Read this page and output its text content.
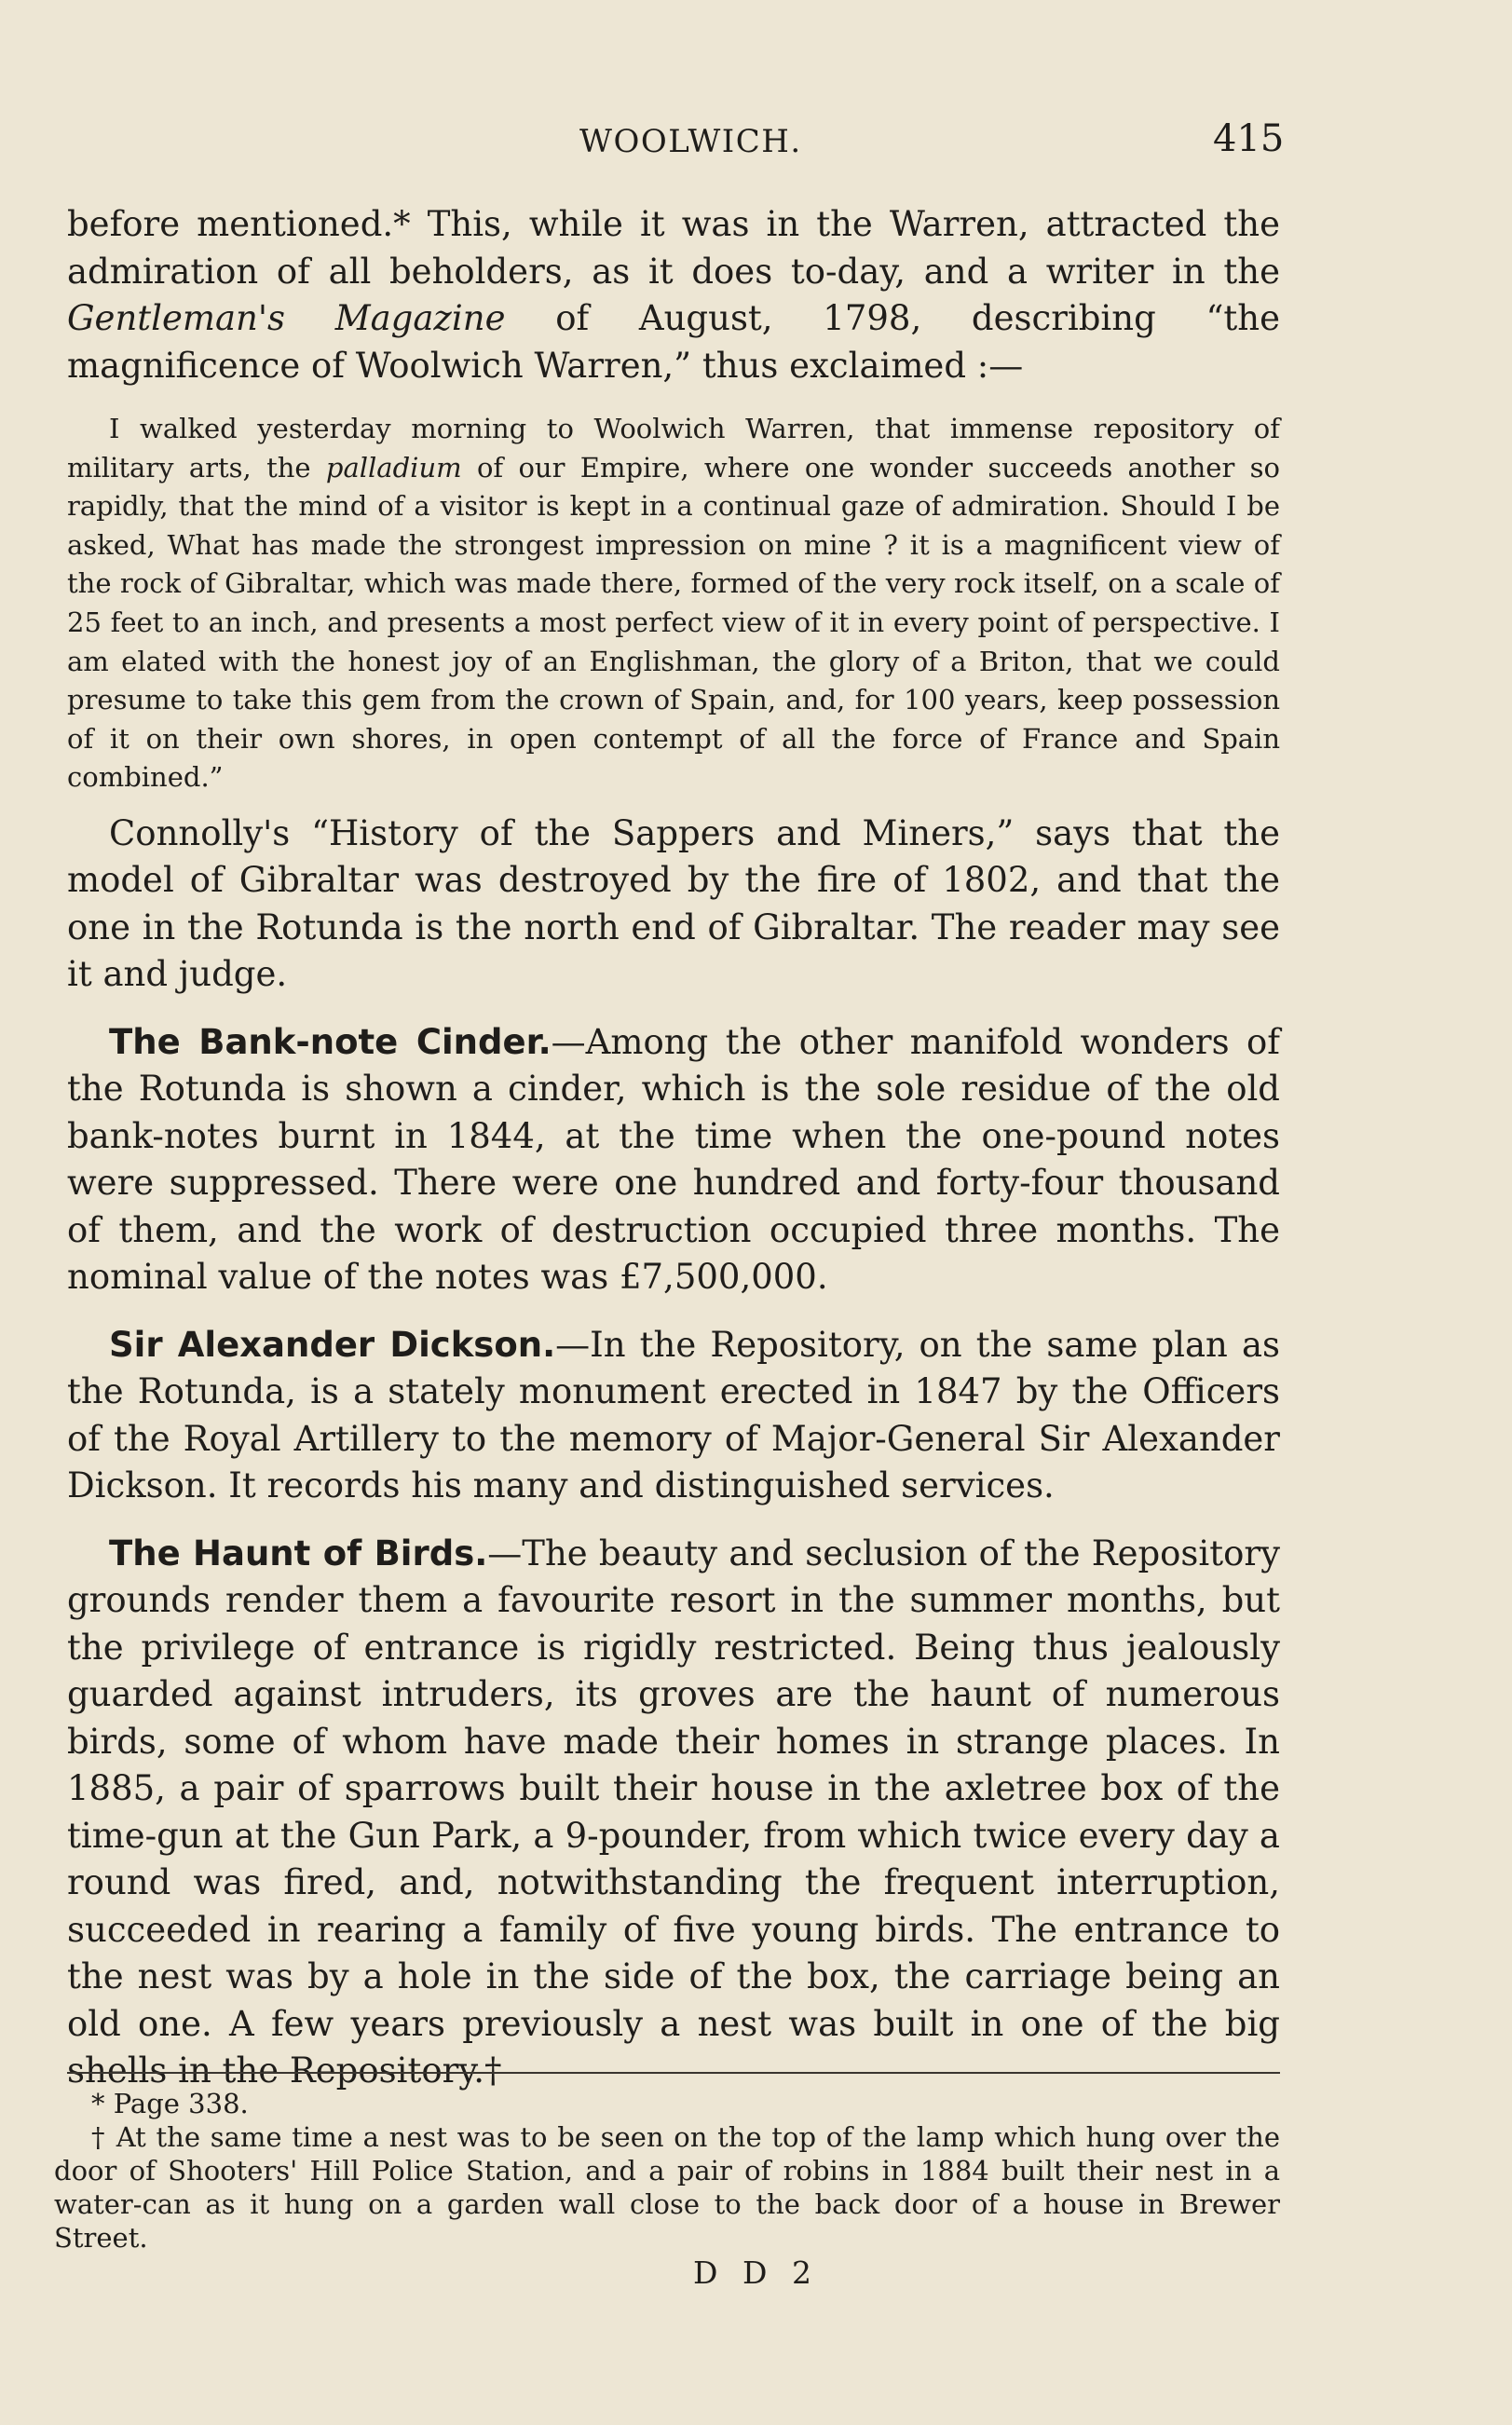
WOOLWICH.	415

before mentioned.* This, while it was in the Warren, attracted the admiration of all beholders, as it does to-day, and a writer in the Gentleman's Magazine of August, 1798, describing “the magnificence of Woolwich Warren,” thus exclaimed :—

I walked yesterday morning to Woolwich Warren, that immense repository of military arts, the palladium of our Empire, where one wonder succeeds another so rapidly, that the mind of a visitor is kept in a continual gaze of admiration. Should I be asked, What has made the strongest impression on mine ? it is a magnificent view of the rock of Gibraltar, which was made there, formed of the very rock itself, on a scale of 25 feet to an inch, and presents a most perfect view of it in every point of perspective. I am elated with the honest joy of an Englishman, the glory of a Briton, that we could presume to take this gem from the crown of Spain, and, for 100 years, keep possession of it on their own shores, in open contempt of all the force of France and Spain combined.”

Connolly's “History of the Sappers and Miners,” says that the model of Gibraltar was destroyed by the fire of 1802, and that the one in the Rotunda is the north end of Gibraltar. The reader may see it and judge.

The Bank-note Cinder.—Among the other manifold wonders of the Rotunda is shown a cinder, which is the sole residue of the old bank-notes burnt in 1844, at the time when the one-pound notes were suppressed. There were one hundred and forty-four thousand of them, and the work of destruction occupied three months. The nominal value of the notes was £7,500,000.

Sir Alexander Dickson.—In the Repository, on the same plan as the Rotunda, is a stately monument erected in 1847 by the Officers of the Royal Artillery to the memory of Major-General Sir Alexander Dickson. It records his many and distinguished services.

The Haunt of Birds.—The beauty and seclusion of the Repository grounds render them a favourite resort in the summer months, but the privilege of entrance is rigidly restricted. Being thus jealously guarded against intruders, its groves are the haunt of numerous birds, some of whom have made their homes in strange places. In 1885, a pair of sparrows built their house in the axletree box of the time-gun at the Gun Park, a 9-pounder, from which twice every day a round was fired, and, notwithstanding the frequent interruption, succeeded in rearing a family of five young birds. The entrance to the nest was by a hole in the side of the box, the carriage being an old one. A few years previously a nest was built in one of the big shells in the Repository.†

* Page 338.

† At the same time a nest was to be seen on the top of the lamp which hung over the door of Shooters' Hill Police Station, and a pair of robins in 1884 built their nest in a water-can as it hung on a garden wall close to the back door of a house in Brewer Street.

D D 2
